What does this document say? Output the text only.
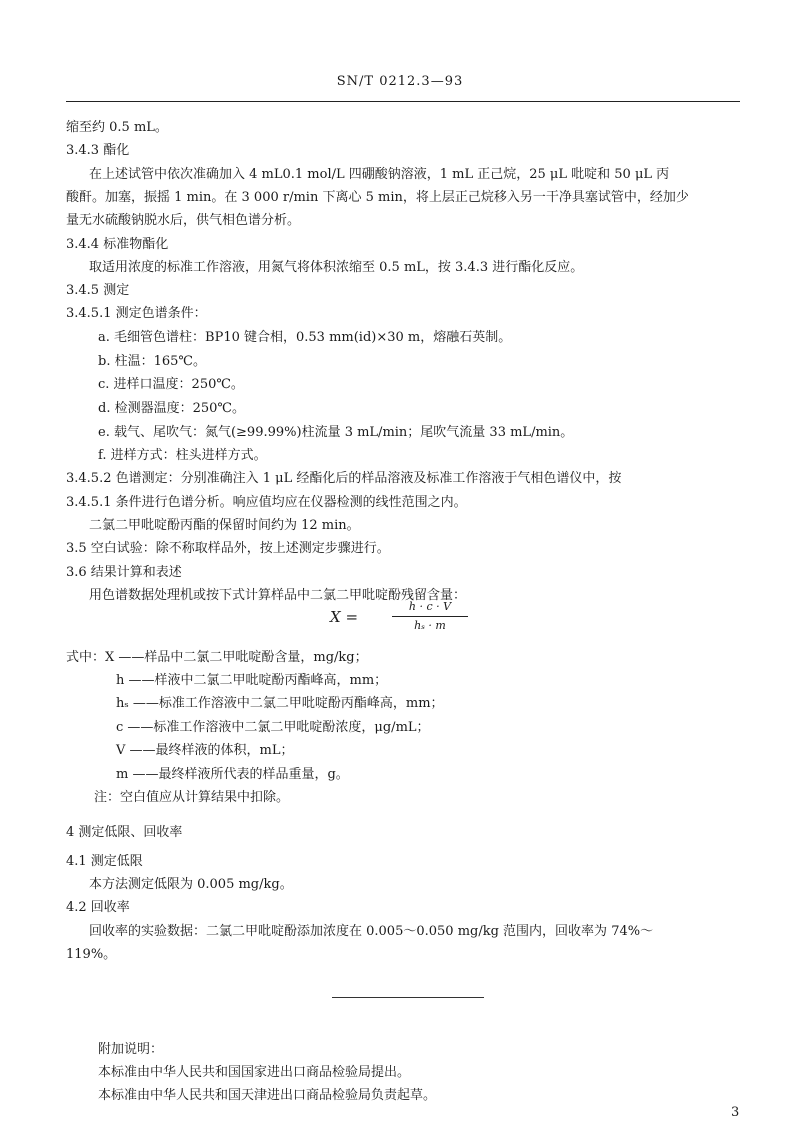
SN/T 0212.3—93
缩至约 0.5 mL。
3.4.3 酯化
在上述试管中依次准确加入 4 mL0.1 mol/L 四硼酸钠溶液，1 mL 正己烷，25 μL 吡啶和 50 μL 丙
酸酐。加塞，振摇 1 min。在 3 000 r/min 下离心 5 min，将上层正己烷移入另一干净具塞试管中，经加少
量无水硫酸钠脱水后，供气相色谱分析。
3.4.4 标准物酯化
取适用浓度的标准工作溶液，用氮气将体积浓缩至 0.5 mL，按 3.4.3 进行酯化反应。
3.4.5 测定
3.4.5.1 测定色谱条件：
a. 毛细管色谱柱：BP10 键合相，0.53 mm(id)×30 m，熔融石英制。
b. 柱温：165℃。
c. 进样口温度：250℃。
d. 检测器温度：250℃。
e. 载气、尾吹气：氮气(≥99.99%)柱流量 3 mL/min；尾吹气流量 33 mL/min。
f. 进样方式：柱头进样方式。
3.4.5.2 色谱测定：分别准确注入 1 μL 经酯化后的样品溶液及标准工作溶液于气相色谱仪中，按
3.4.5.1 条件进行色谱分析。响应值均应在仪器检测的线性范围之内。
二氯二甲吡啶酚丙酯的保留时间约为 12 min。
3.5 空白试验：除不称取样品外，按上述测定步骤进行。
3.6 结果计算和表述
用色谱数据处理机或按下式计算样品中二氯二甲吡啶酚残留含量：
式中：X ——样品中二氯二甲吡啶酚含量，mg/kg；
h ——样液中二氯二甲吡啶酚丙酯峰高，mm；
hₛ ——标准工作溶液中二氯二甲吡啶酚丙酯峰高，mm；
c ——标准工作溶液中二氯二甲吡啶酚浓度，μg/mL；
V ——最终样液的体积，mL；
m ——最终样液所代表的样品重量，g。
注：空白值应从计算结果中扣除。
4 测定低限、回收率
4.1 测定低限
本方法测定低限为 0.005 mg/kg。
4.2 回收率
回收率的实验数据：二氯二甲吡啶酚添加浓度在 0.005～0.050 mg/kg 范围内，回收率为 74%～
119%。
附加说明：
本标准由中华人民共和国国家进出口商品检验局提出。
本标准由中华人民共和国天津进出口商品检验局负责起草。
X =
h · c · V
hₛ · m
3
